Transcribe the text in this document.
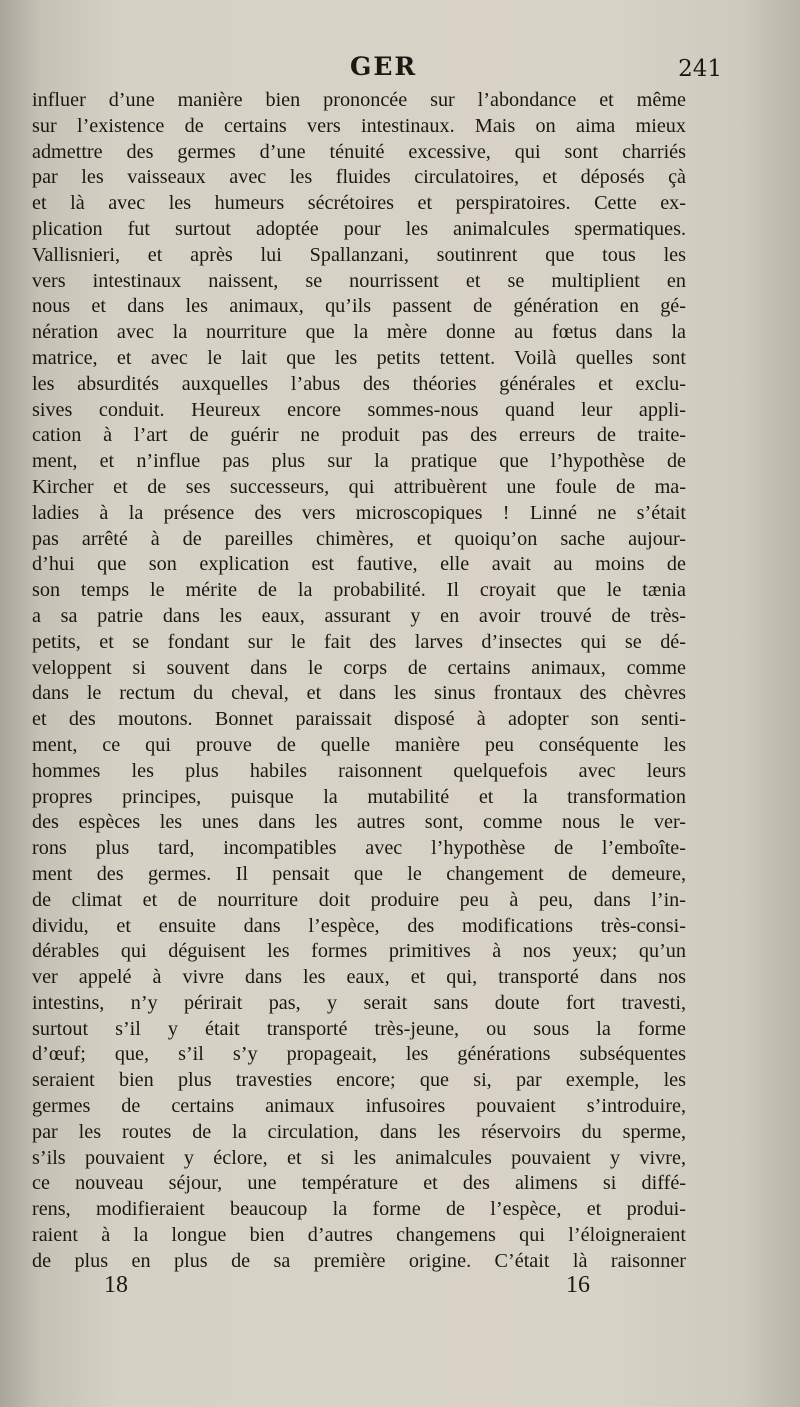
GER	241
influer d’une manière bien prononcée sur l’abondance et même
sur l’existence de certains vers intestinaux. Mais on aima mieux
admettre des germes d’une ténuité excessive, qui sont charriés
par les vaisseaux avec les fluides circulatoires, et déposés çà
et là avec les humeurs sécrétoires et perspiratoires. Cette ex-
plication fut surtout adoptée pour les animalcules spermatiques.
Vallisnieri, et après lui Spallanzani, soutinrent que tous les
vers intestinaux naissent, se nourrissent et se multiplient en
nous et dans les animaux, qu’ils passent de génération en gé-
nération avec la nourriture que la mère donne au fœtus dans la
matrice, et avec le lait que les petits tettent. Voilà quelles sont
les absurdités auxquelles l’abus des théories générales et exclu-
sives conduit. Heureux encore sommes-nous quand leur appli-
cation à l’art de guérir ne produit pas des erreurs de traite-
ment, et n’influe pas plus sur la pratique que l’hypothèse de
Kircher et de ses successeurs, qui attribuèrent une foule de ma-
ladies à la présence des vers microscopiques ! Linné ne s’était
pas arrêté à de pareilles chimères, et quoiqu’on sache aujour-
d’hui que son explication est fautive, elle avait au moins de
son temps le mérite de la probabilité. Il croyait que le tænia
a sa patrie dans les eaux, assurant y en avoir trouvé de très-
petits, et se fondant sur le fait des larves d’insectes qui se dé-
veloppent si souvent dans le corps de certains animaux, comme
dans le rectum du cheval, et dans les sinus frontaux des chèvres
et des moutons. Bonnet paraissait disposé à adopter son senti-
ment, ce qui prouve de quelle manière peu conséquente les
hommes les plus habiles raisonnent quelquefois avec leurs
propres principes, puisque la mutabilité et la transformation
des espèces les unes dans les autres sont, comme nous le ver-
rons plus tard, incompatibles avec l’hypothèse de l’emboîte-
ment des germes. Il pensait que le changement de demeure,
de climat et de nourriture doit produire peu à peu, dans l’in-
dividu, et ensuite dans l’espèce, des modifications très-consi-
dérables qui déguisent les formes primitives à nos yeux; qu’un
ver appelé à vivre dans les eaux, et qui, transporté dans nos
intestins, n’y périrait pas, y serait sans doute fort travesti,
surtout s’il y était transporté très-jeune, ou sous la forme
d’œuf; que, s’il s’y propageait, les générations subséquentes
seraient bien plus travesties encore; que si, par exemple, les
germes de certains animaux infusoires pouvaient s’introduire,
par les routes de la circulation, dans les réservoirs du sperme,
s’ils pouvaient y éclore, et si les animalcules pouvaient y vivre,
ce nouveau séjour, une température et des alimens si diffé-
rens, modifieraient beaucoup la forme de l’espèce, et produi-
raient à la longue bien d’autres changemens qui l’éloigneraient
de plus en plus de sa première origine. C’était là raisonner
18	16
